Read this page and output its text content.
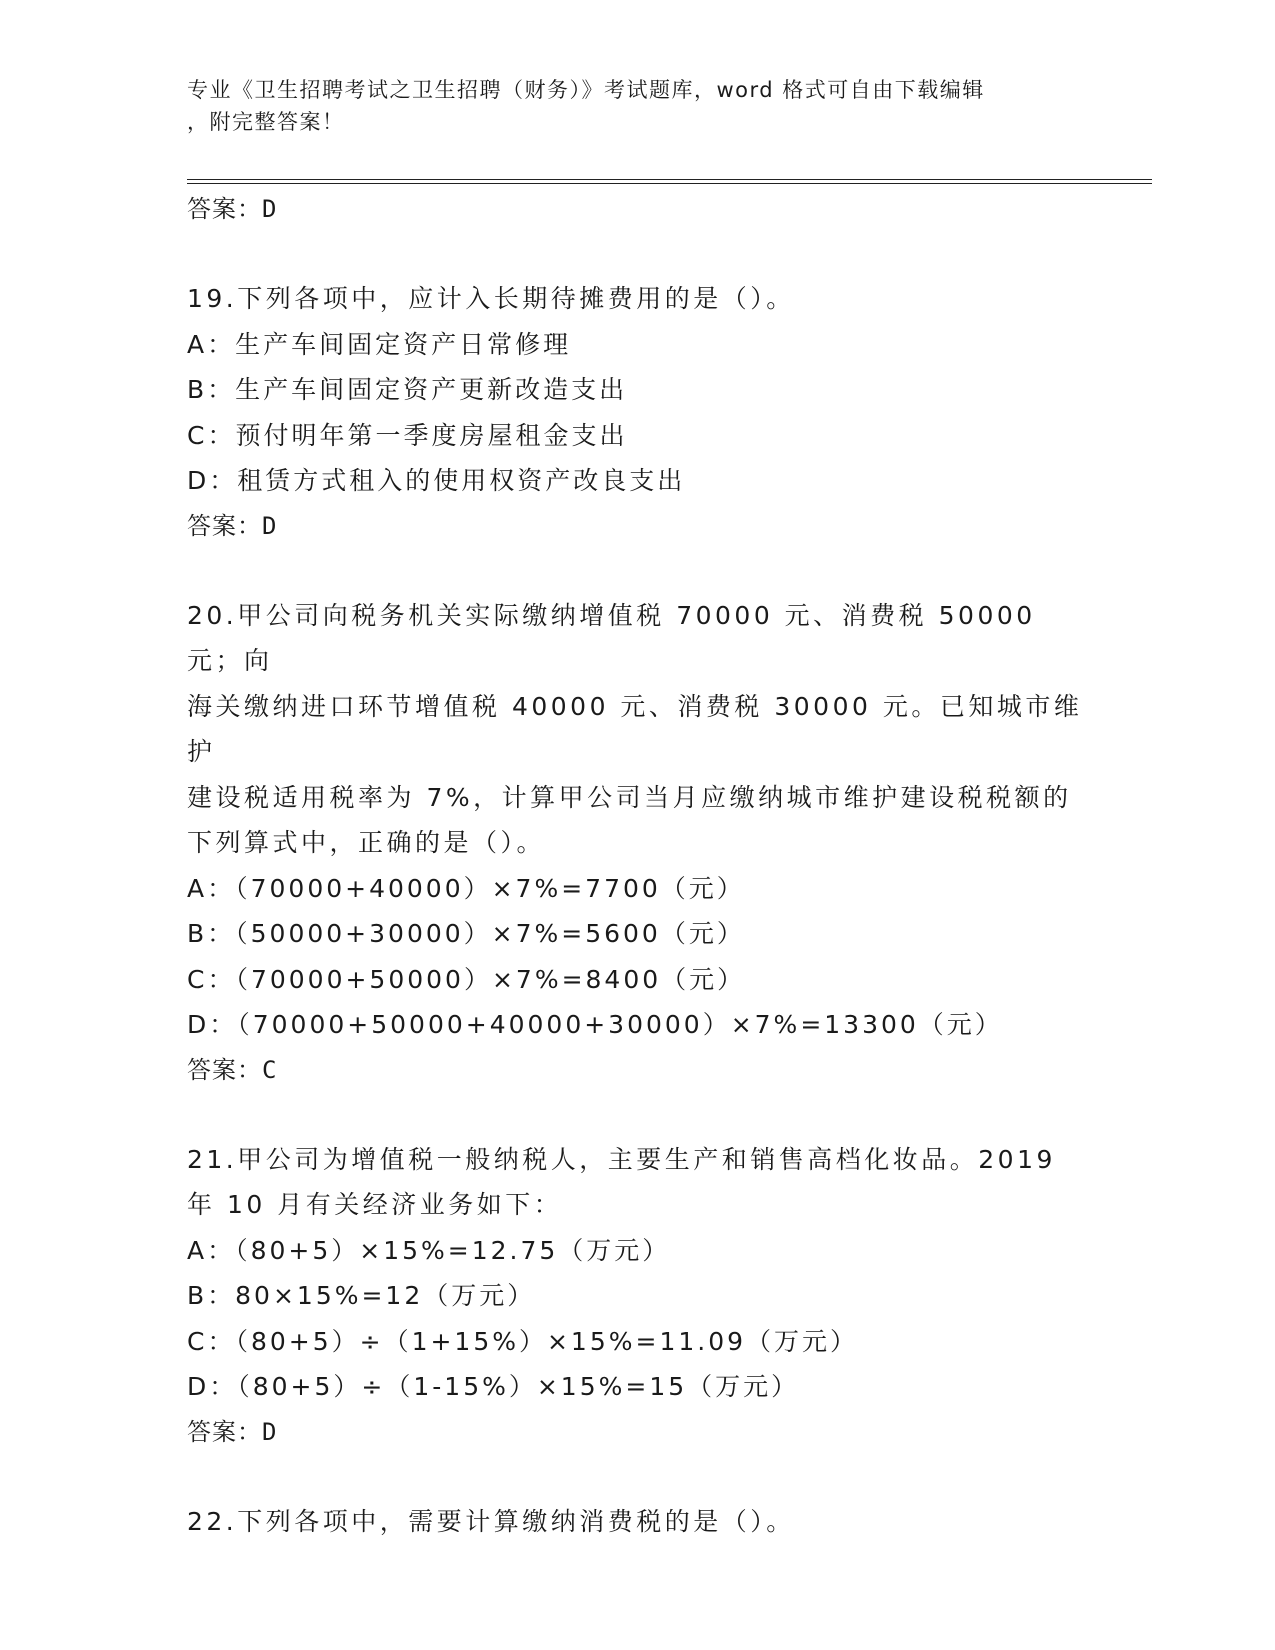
专业《卫生招聘考试之卫生招聘（财务）》考试题库，word 格式可自由下载编辑
，附完整答案！
答案：D
19.下列各项中，应计入长期待摊费用的是（）。
A：生产车间固定资产日常修理
B：生产车间固定资产更新改造支出
C：预付明年第一季度房屋租金支出
D：租赁方式租入的使用权资产改良支出
答案：D
20.甲公司向税务机关实际缴纳增值税 70000 元、消费税 50000 元；向
海关缴纳进口环节增值税 40000 元、消费税 30000 元。已知城市维护
建设税适用税率为 7%，计算甲公司当月应缴纳城市维护建设税税额的
下列算式中，正确的是（）。
A：（70000+40000）×7%=7700（元）
B：（50000+30000）×7%=5600（元）
C：（70000+50000）×7%=8400（元）
D：（70000+50000+40000+30000）×7%=13300（元）
答案：C
21.甲公司为增值税一般纳税人，主要生产和销售高档化妆品。2019
年 10 月有关经济业务如下：
A：（80+5）×15%=12.75（万元）
B：80×15%=12（万元）
C：（80+5）÷（1+15%）×15%=11.09（万元）
D：（80+5）÷（1-15%）×15%=15（万元）
答案：D
22.下列各项中，需要计算缴纳消费税的是（）。
